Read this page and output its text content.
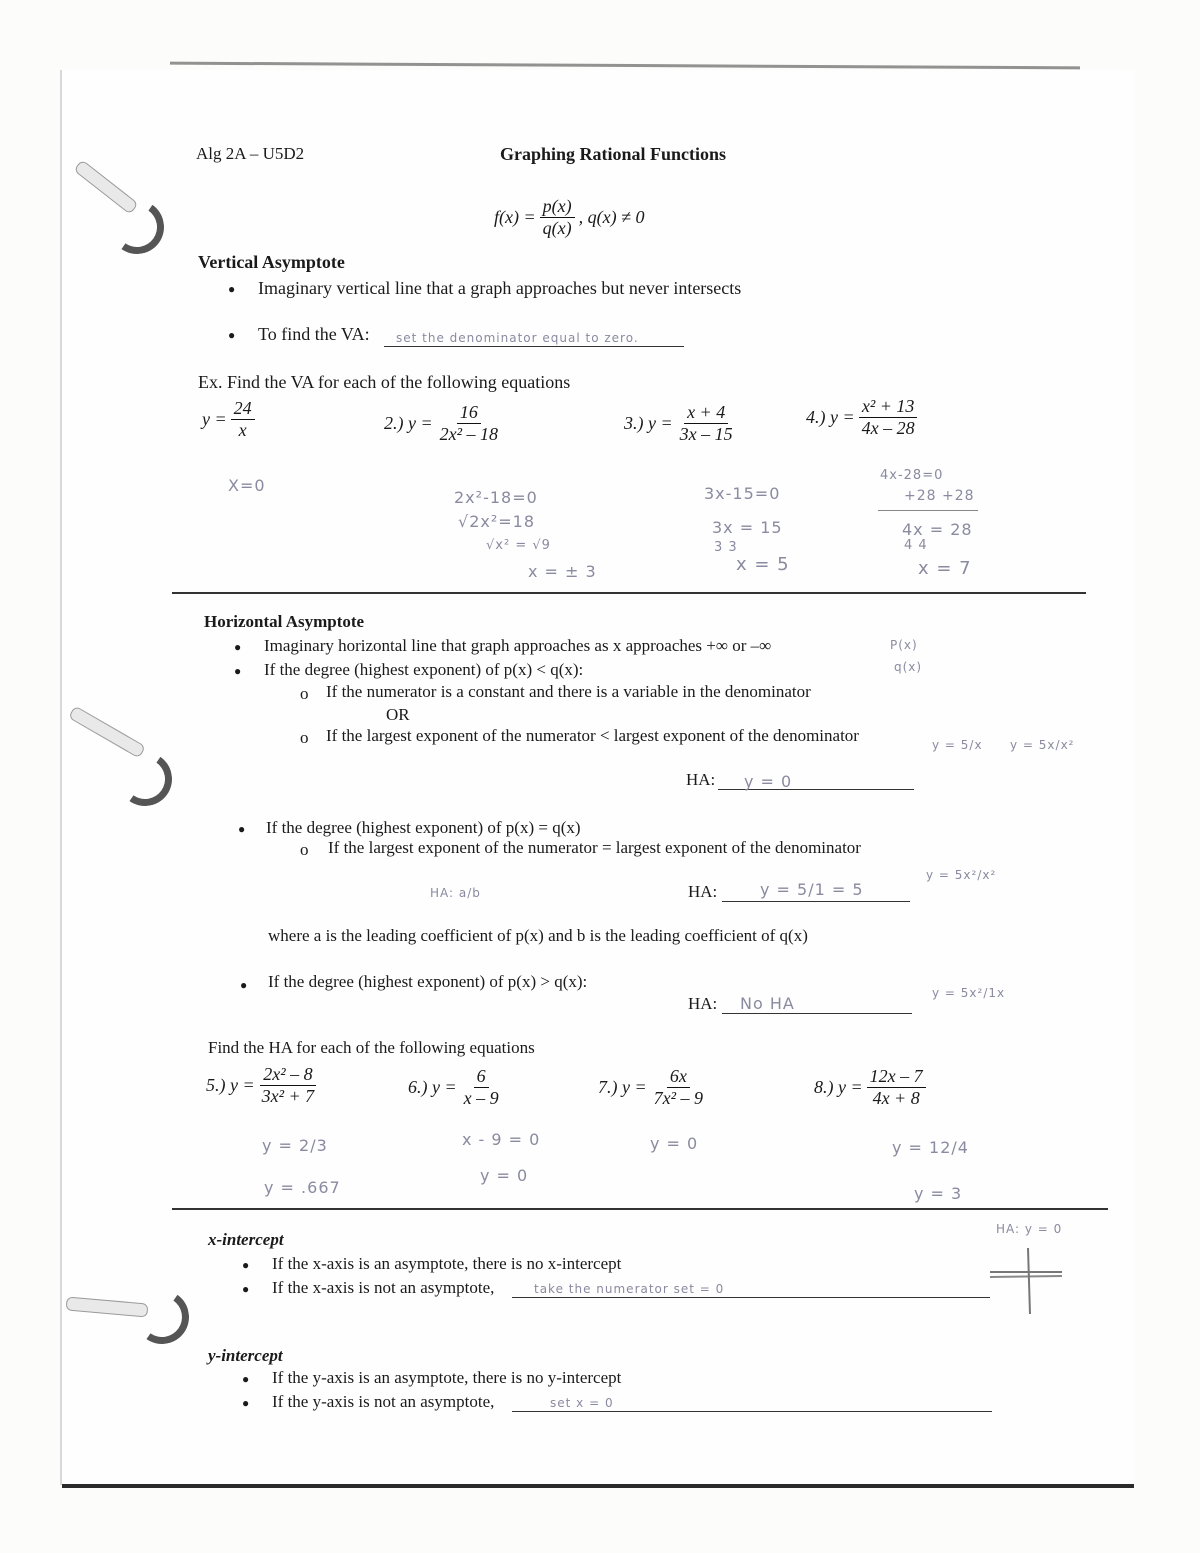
Alg 2A – U5D2	Graphing Rational Functions
$f(x) = \frac{p(x)}{q(x)}$ , q(x) ≠ 0
Vertical Asymptote
● Imaginary vertical line that a graph approaches but never intersects
● To find the VA: set the denominator equal to zero.
Ex. Find the VA for each of the following equations
$y = \frac{24}{x}$	2.) $y = \frac{16}{\text{2x² – 18}}$	3.) $y = \frac{x + 4}{3x - 15}$	4.) $y = \frac{\text{x² + 13}}{4x - 28}$
X=0
2x²-18=0
√2x²=18
√x² = √9
x = ± 3
3x-15=0
3x = 15
3 3
x = 5
4x-28=0
+28 +28
4x = 28
4 4
x = 7
Horizontal Asymptote
● Imaginary horizontal line that graph approaches as x approaches +∞ or –∞
● If the degree (highest exponent) of p(x) < q(x):
o If the numerator is a constant and there is a variable in the denominator
OR
o If the largest exponent of the numerator < largest exponent of the denominator
HA: y = 0
● If the degree (highest exponent) of p(x) = q(x)
o If the largest exponent of the numerator = largest exponent of the denominator
HA: a/b	HA:	y = 5/1 = 5
where a is the leading coefficient of p(x) and b is the leading coefficient of q(x)
● If the degree (highest exponent) of p(x) > q(x):
HA: No HA
P(x)
q(x)
y = 5/x y = 5x/x²
y = 5x²/x²
y = 5x²/1x
Find the HA for each of the following equations
5.) $y = \frac{\text{2x² – 8}}{\text{3x² + 7}}$	6.) $y = \frac{6}{x - 9}$	7.) $y = \frac{6x}{\text{7x² – 9}}$	8.) $y = \frac{12x - 7}{4x + 8}$
y = 2/3
y = .667
x - 9 = 0
y = 0
y = 0	y = 12/4
y = 3
x-intercept
● If the x-axis is an asymptote, there is no x-intercept
● If the x-axis is not an asymptote,	take the numerator set = 0
HA: y = 0
y-intercept
● If the y-axis is an asymptote, there is no y-intercept
● If the y-axis is not an asymptote,	set x = 0
